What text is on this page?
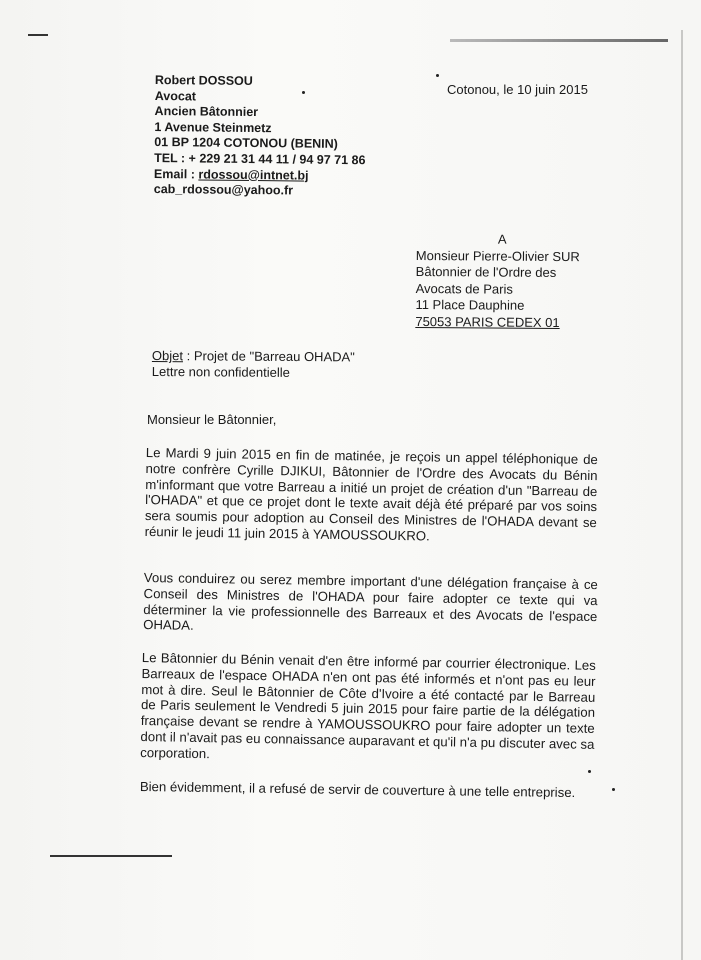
Robert DOSSOU
Avocat
Ancien Bâtonnier
1 Avenue Steinmetz
01 BP 1204 COTONOU (BENIN)
TEL : + 229 21 31 44 11 / 94 97 71 86
Email : rdossou@intnet.bj
cab_rdossou@yahoo.fr
Cotonou, le 10 juin 2015
A
Monsieur Pierre-Olivier SUR
Bâtonnier de l'Ordre des
Avocats de Paris
11 Place Dauphine
75053 PARIS CEDEX 01
Objet : Projet de "Barreau OHADA"
Lettre non confidentielle
Monsieur le Bâtonnier,
Le Mardi 9 juin 2015 en fin de matinée, je reçois un appel téléphonique de notre confrère Cyrille DJIKUI, Bâtonnier de l'Ordre des Avocats du Bénin m'informant que votre Barreau a initié un projet de création d'un "Barreau de l'OHADA" et que ce projet dont le texte avait déjà été préparé par vos soins sera soumis pour adoption au Conseil des Ministres de l'OHADA devant se réunir le jeudi 11 juin 2015 à YAMOUSSOUKRO.
Vous conduirez ou serez membre important d'une délégation française à ce Conseil des Ministres de l'OHADA pour faire adopter ce texte qui va déterminer la vie professionnelle des Barreaux et des Avocats de l'espace OHADA.
Le Bâtonnier du Bénin venait d'en être informé par courrier électronique. Les Barreaux de l'espace OHADA n'en ont pas été informés et n'ont pas eu leur mot à dire. Seul le Bâtonnier de Côte d'Ivoire a été contacté par le Barreau de Paris seulement le Vendredi 5 juin 2015 pour faire partie de la délégation française devant se rendre à YAMOUSSOUKRO pour faire adopter un texte dont il n'avait pas eu connaissance auparavant et qu'il n'a pu discuter avec sa corporation.
Bien évidemment, il a refusé de servir de couverture à une telle entreprise.
